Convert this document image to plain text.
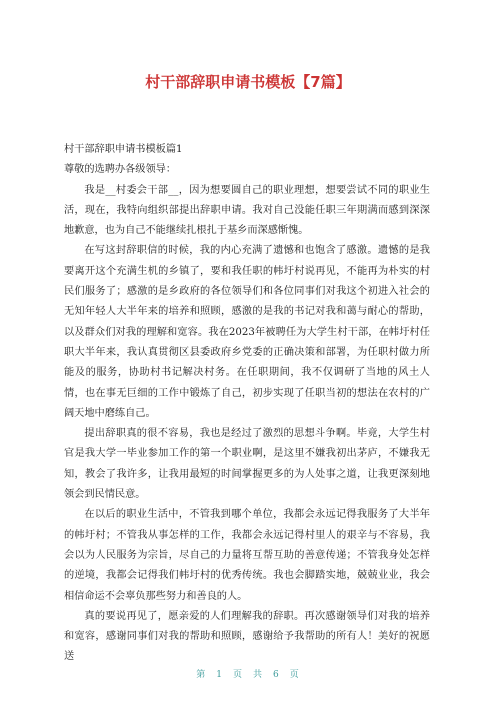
村干部辞职申请书模板【7篇】

村干部辞职申请书模板篇1

尊敬的选聘办各级领导：

我是__村委会干部__，因为想要圆自己的职业理想，想要尝试不同的职业生活，现在，我特向组织部提出辞职申请。我对自己没能任职三年期满而感到深深地歉意，也为自己不能继续扎根扎于基乡而深感惭愧。

在写这封辞职信的时候，我的内心充满了遗憾和也饱含了感激。遗憾的是我要离开这个充满生机的乡镇了，要和我任职的帏圩村说再见，不能再为朴实的村民们服务了；感激的是乡政府的各位领导们和各位同事们对我这个初进入社会的无知年轻人大半年来的培养和照顾，感激的是我的书记对我和蔼与耐心的帮助，以及群众们对我的理解和宽容。我在2023年被聘任为大学生村干部，在帏圩村任职大半年来，我认真贯彻区县委政府乡党委的正确决策和部署，为任职村做力所能及的服务，协助村书记解决村务。在任职期间，我不仅调研了当地的风土人情，也在事无巨细的工作中锻炼了自己，初步实现了任职当初的想法在农村的广阔天地中磨练自己。

提出辞职真的很不容易，我也是经过了激烈的思想斗争啊。毕竟，大学生村官是我大学一毕业参加工作的第一个职业啊，是这里不嫌我初出茅庐，不嫌我无知，教会了我许多，让我用最短的时间掌握更多的为人处事之道，让我更深刻地领会到民情民意。

在以后的职业生活中，不管我到哪个单位，我都会永远记得我服务了大半年的帏圩村；不管我从事怎样的工作，我都会永远记得村里人的艰辛与不容易，我会以为人民服务为宗旨，尽自己的力量将互帮互助的善意传递；不管我身处怎样的逆境，我都会记得我们帏圩村的优秀传统。我也会脚踏实地，兢兢业业，我会相信命运不会辜负那些努力和善良的人。

真的要说再见了，愿亲爱的人们理解我的辞职。再次感谢领导们对我的培养和宽容，感谢同事们对我的帮助和照顾，感谢给予我帮助的所有人！美好的祝愿送

第 1 页 共 6 页
